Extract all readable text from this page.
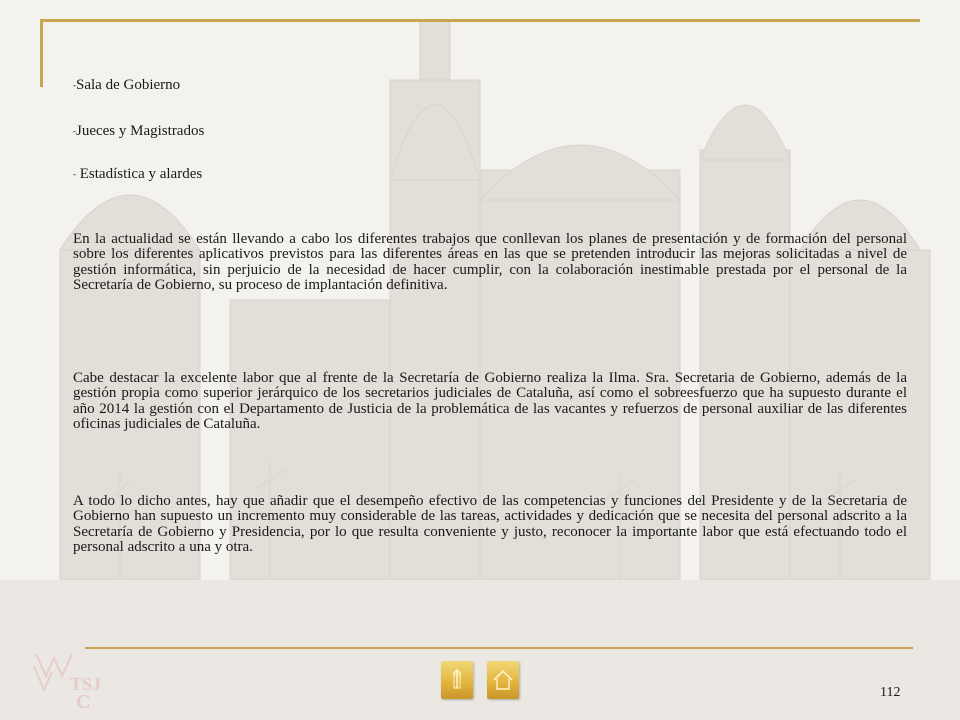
-Sala de Gobierno
-Jueces y Magistrados
- Estadística y alardes

En la actualidad se están llevando a cabo los diferentes trabajos que conllevan los planes de presentación y de formación del personal sobre los diferentes aplicativos previstos para las diferentes áreas en las que se pretenden introducir las mejoras solicitadas a nivel de gestión informática, sin perjuicio de la necesidad de hacer cumplir, con la colaboración inestimable prestada por el personal de la Secretaría de Gobierno, su proceso de implantación definitiva.

Cabe destacar la excelente labor que al frente de la Secretaría de Gobierno realiza la Ilma. Sra. Secretaria de Gobierno, además de la gestión propia como superior jerárquico de los secretarios judiciales de Cataluña, así como el sobreesfuerzo que ha supuesto durante el año 2014 la gestión con el Departamento de Justicia de la problemática de las vacantes y refuerzos de personal auxiliar de las diferentes oficinas judiciales de Cataluña.

A todo lo dicho antes, hay que añadir que el desempeño efectivo de las competencias y funciones del Presidente y de la Secretaria de Gobierno han supuesto un incremento muy considerable de las tareas, actividades y dedicación que se necesita del personal adscrito a la Secretaría de Gobierno y Presidencia, por lo que resulta conveniente y justo, reconocer la importante labor que está efectuando todo el personal adscrito a una y otra.

TSJ
C	112
